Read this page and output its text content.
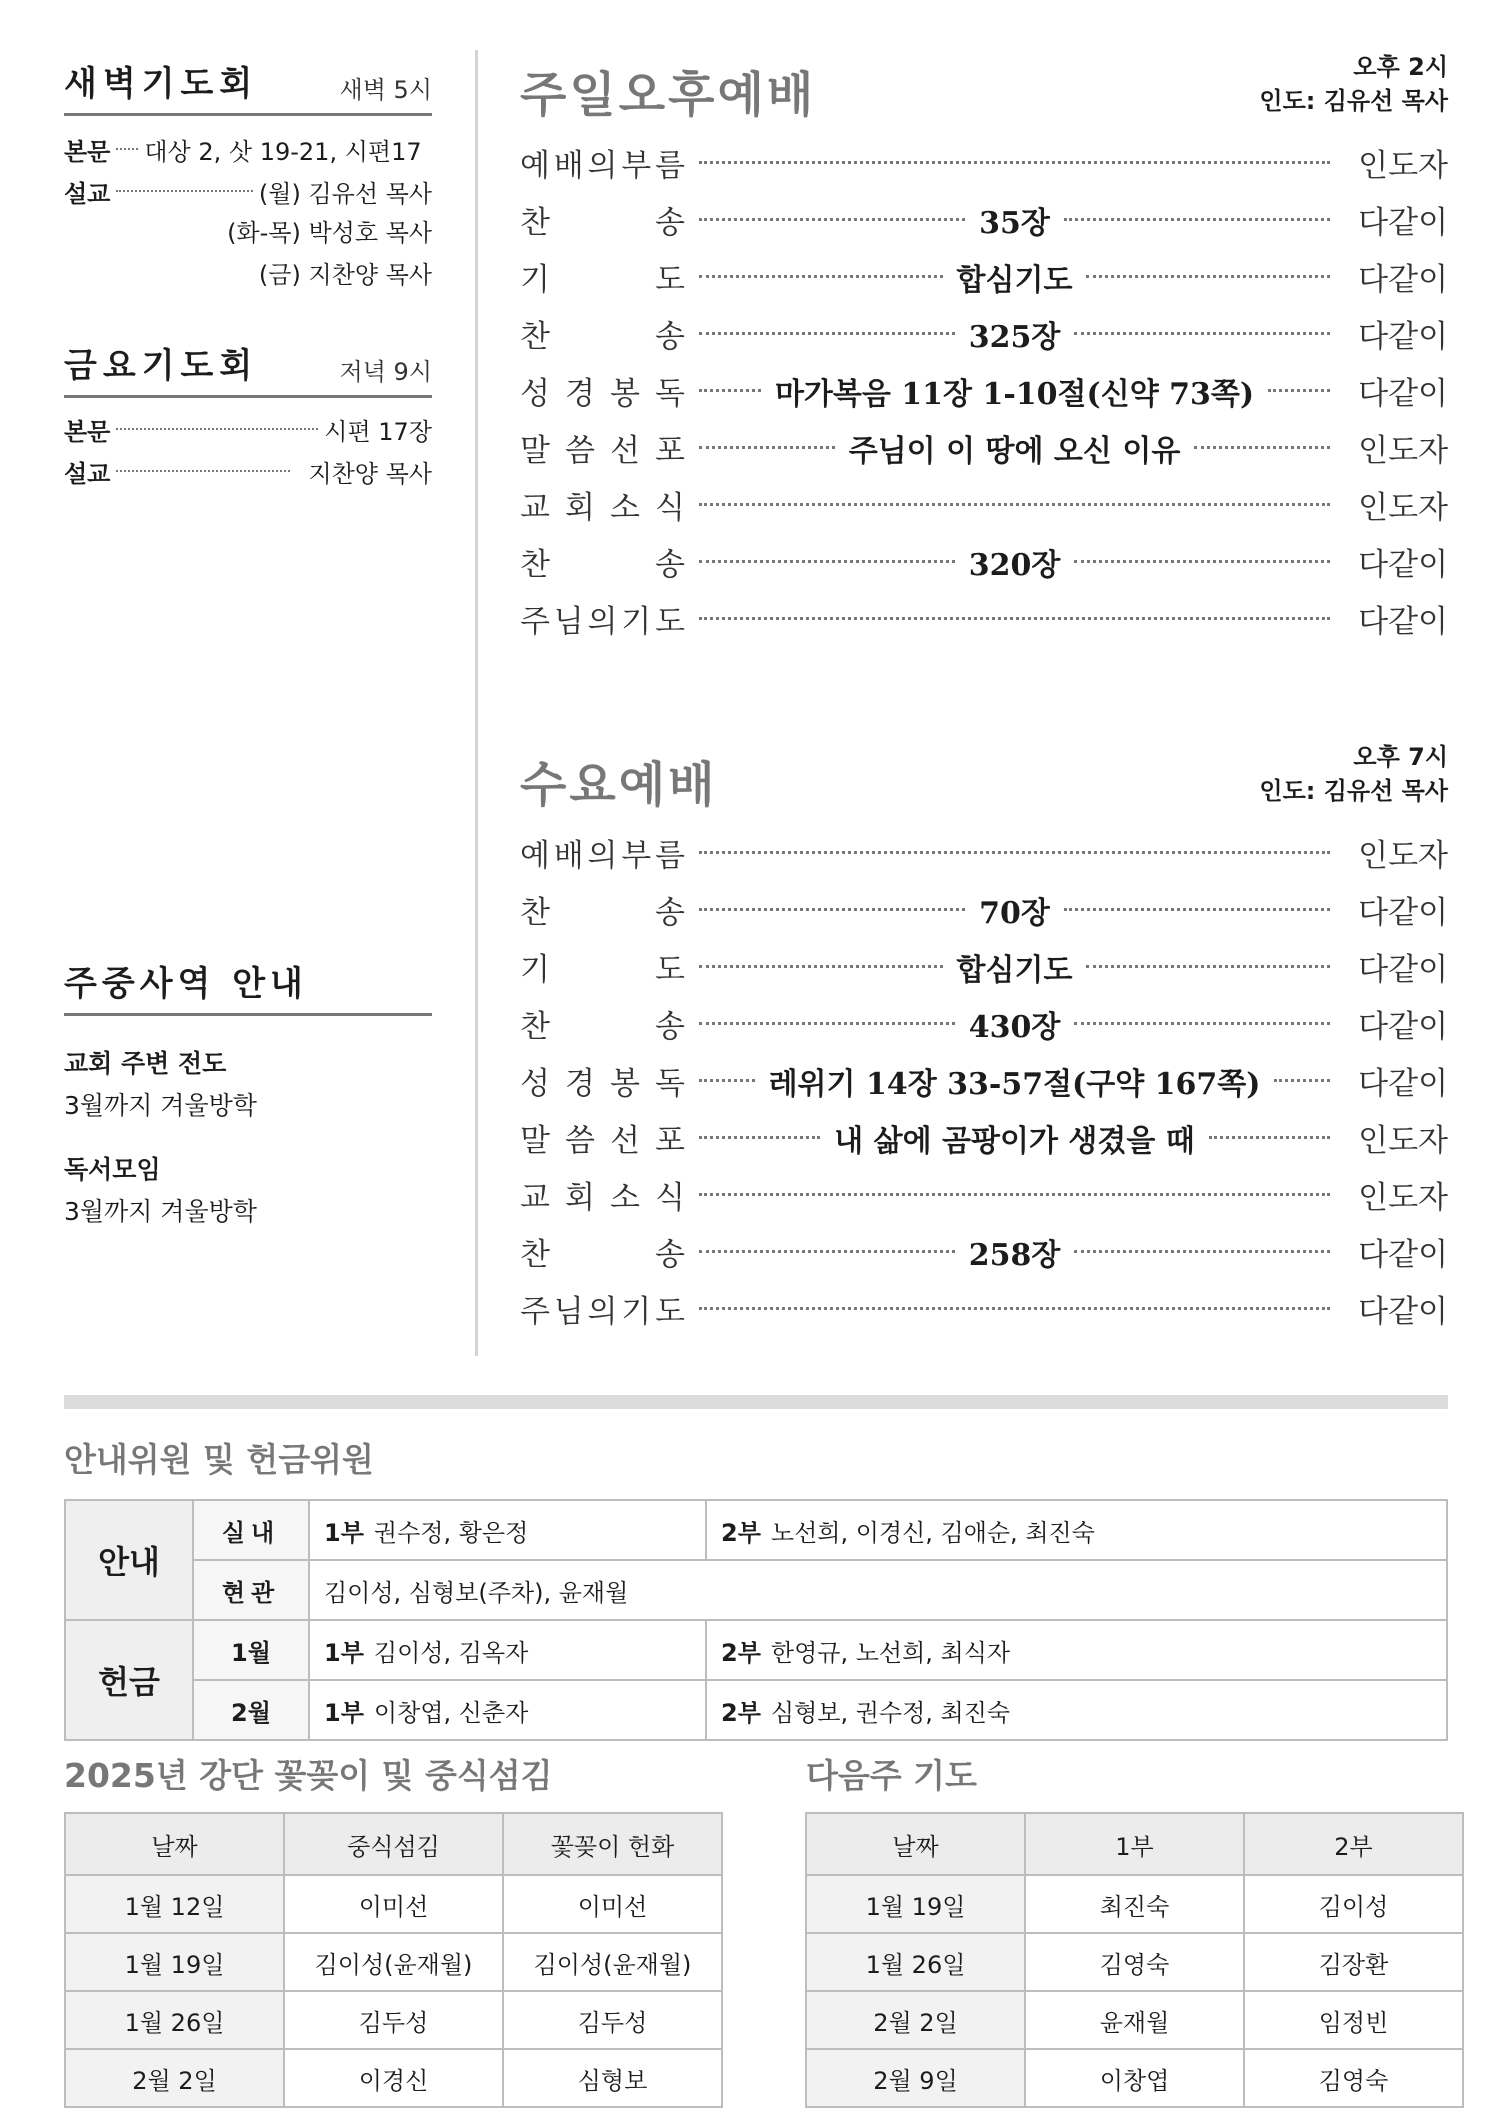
새벽기도회	새벽 5시
본문 대상 2, 삿 19-21, 시편17
설교	(월) 김유선 목사
(화-목) 박성호 목사
(금) 지찬양 목사
금요기도회	저녁 9시
본문	시편 17장
설교	지찬양 목사
주중사역 안내
교회 주변 전도
3월까지 겨울방학
독서모임
3월까지 겨울방학
주일오후예배	오후 2시
인도: 김유선 목사
예 배 의 부 름	인도자
찬	송	35장	다같이
기	도	합심기도	다같이
찬	송	325장	다같이
성 경 봉 독	마가복음 11장 1-10절(신약 73쪽)	다같이
말 씀 선 포	주님이 이 땅에 오신 이유	인도자
교 회 소 식	인도자
찬	송	320장	다같이
주 님 의 기 도	다같이
수요예배	오후 7시
인도: 김유선 목사
예 배 의 부 름	인도자
찬	송	70장	다같이
기	도	합심기도	다같이
찬	송	430장	다같이
성 경 봉 독	레위기 14장 33-57절(구약 167쪽)	다같이
말 씀 선 포	내 삶에 곰팡이가 생겼을 때	인도자
교 회 소 식	인도자
찬	송	258장	다같이
주 님 의 기 도	다같이
안내위원 및 헌금위원
안내	실내	1부 권수정, 황은정	2부 노선희, 이경신, 김애순, 최진숙
	현관	김이성, 심형보(주차), 윤재월	
헌금	1월	1부 김이성, 김옥자	2부 한영규, 노선희, 최식자
	2월	1부 이창엽, 신춘자	2부 심형보, 권수정, 최진숙
2025년 강단 꽃꽂이 및 중식섬김
날짜	중식섬김	꽃꽂이 헌화
1월 12일	이미선	이미선
1월 19일	김이성(윤재월)	김이성(윤재월)
1월 26일	김두성	김두성
2월 2일	이경신	심형보
다음주 기도
날짜	1부	2부
1월 19일	최진숙	김이성
1월 26일	김영숙	김장환
2월 2일	윤재월	임정빈
2월 9일	이창엽	김영숙
